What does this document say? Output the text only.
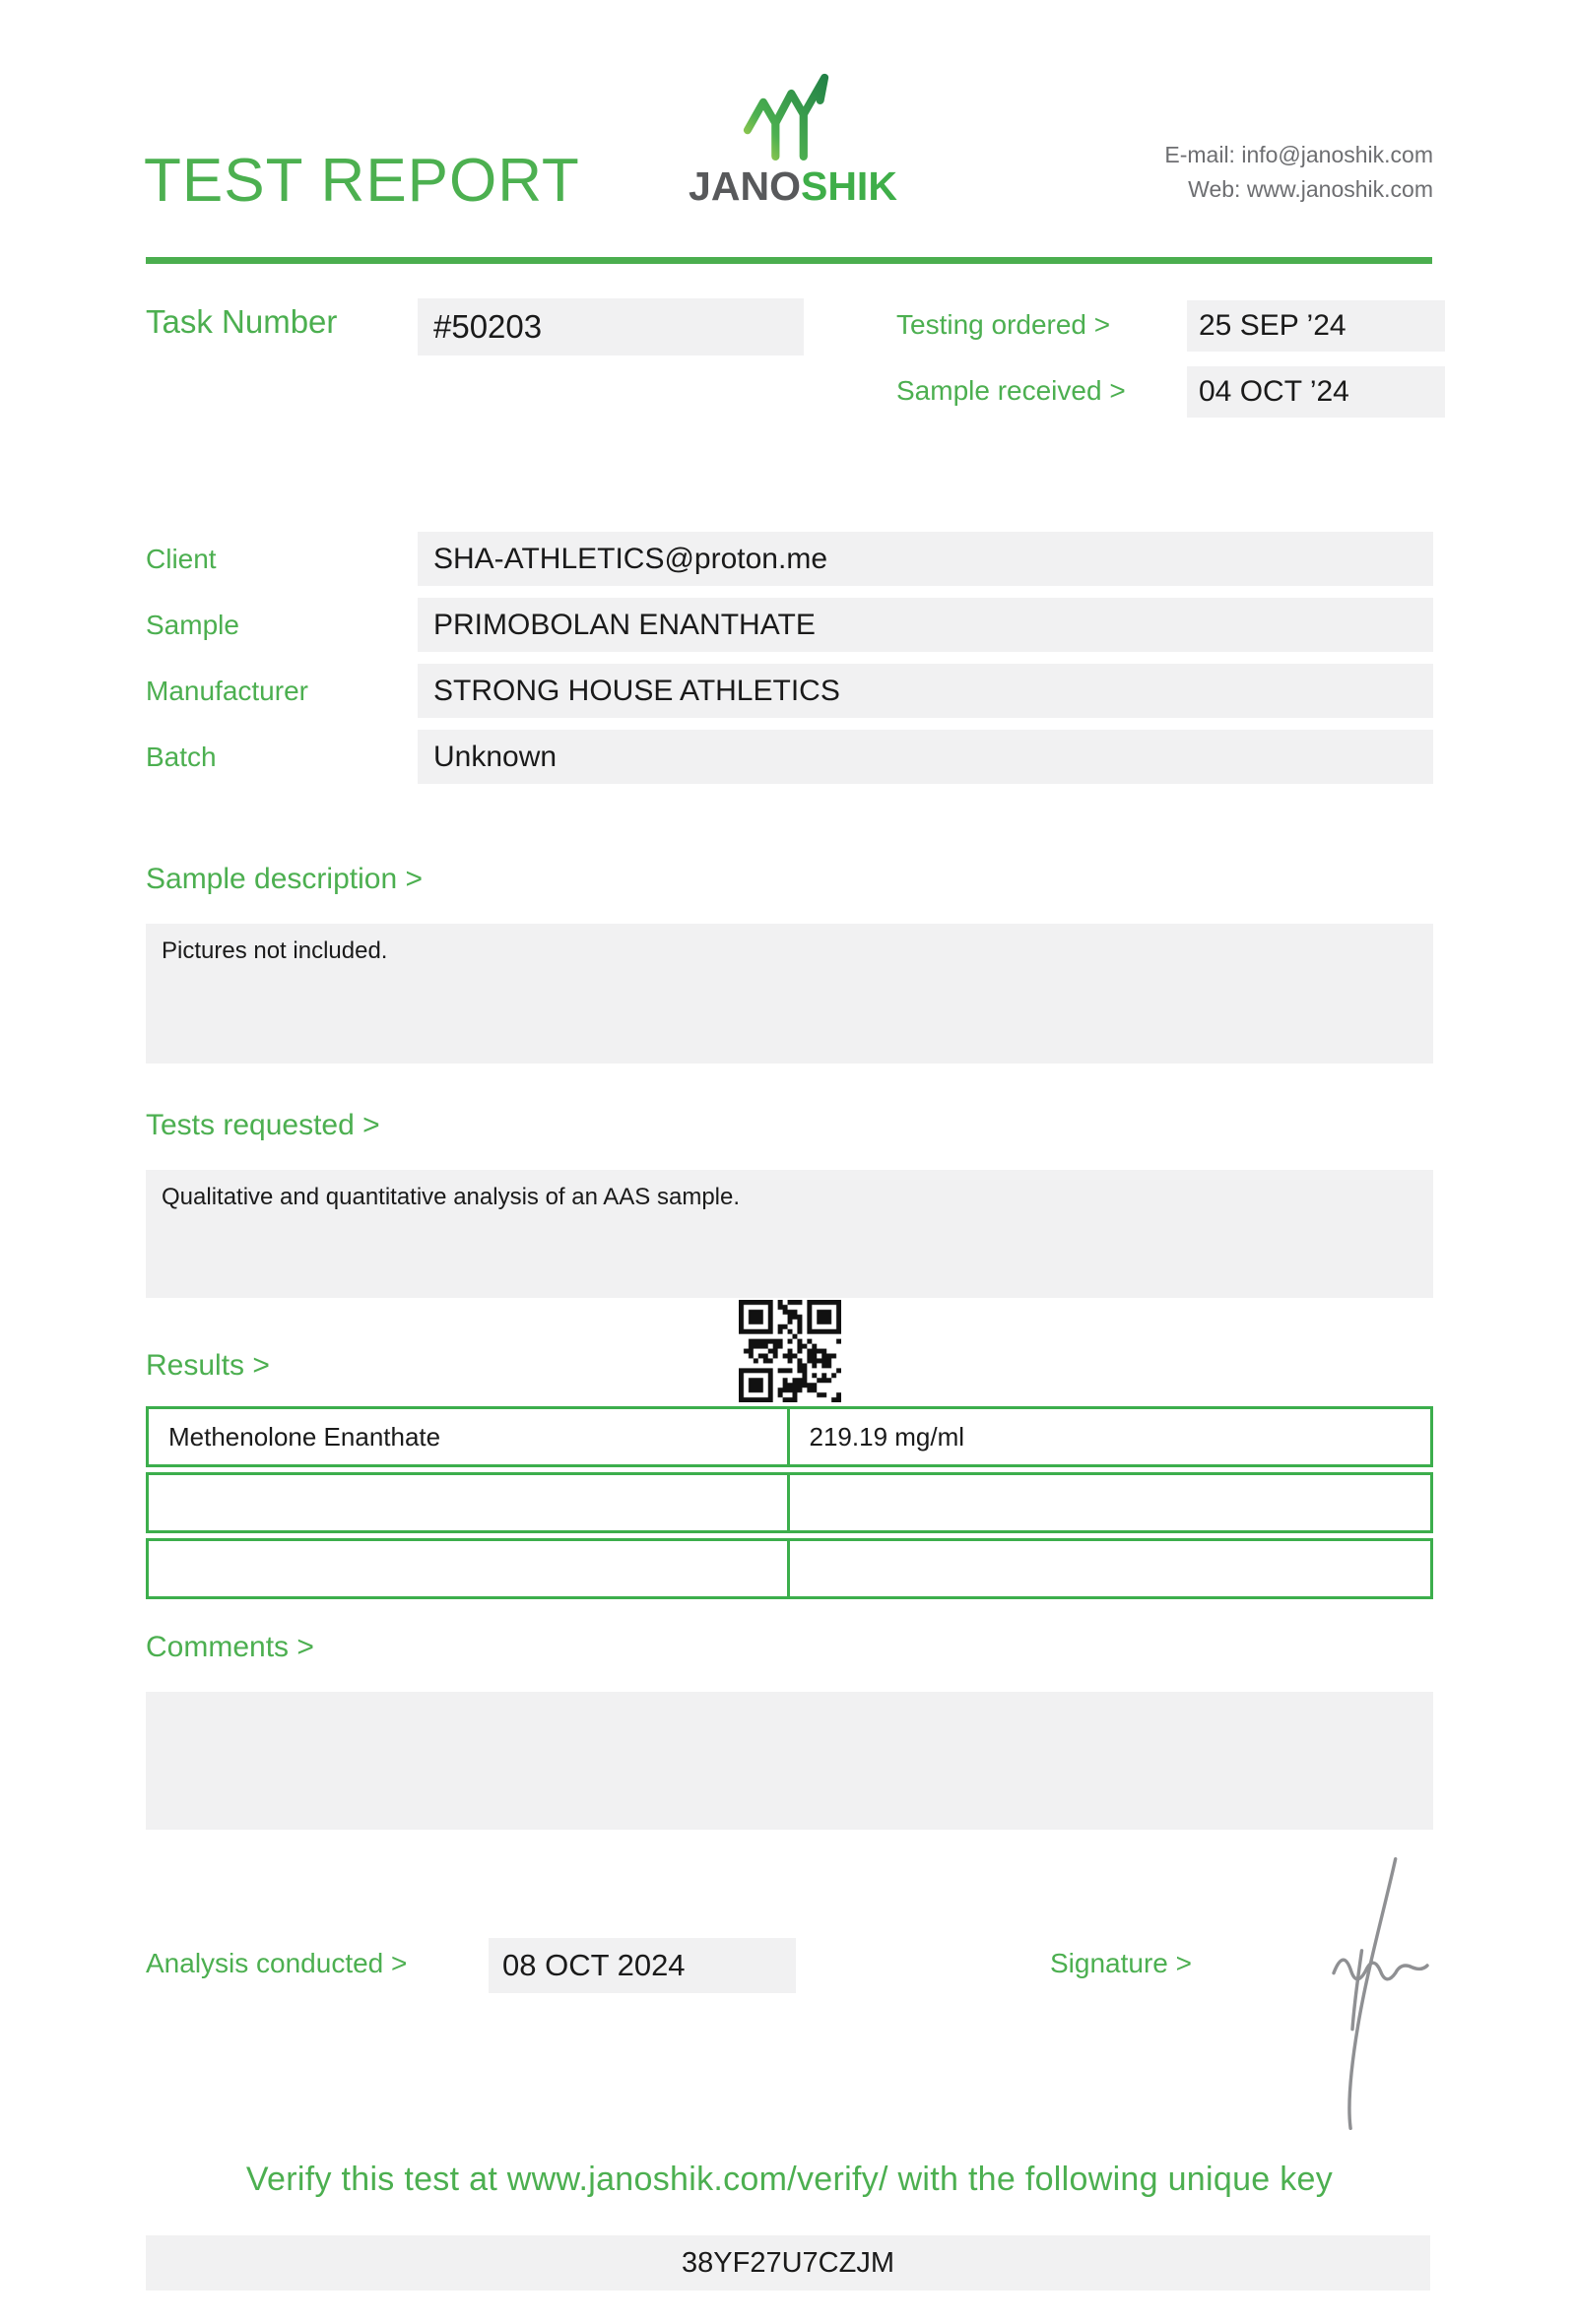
TEST REPORT	JANOSHIK
E-mail: info@janoshik.com
Web: www.janoshik.com
Task Number	#50203	Testing ordered >	25 SEP ’24
Sample received >	04 OCT ’24
Client	SHA-ATHLETICS@proton.me
Sample	PRIMOBOLAN ENANTHATE
Manufacturer	STRONG HOUSE ATHLETICS
Batch	Unknown
Sample description >
Pictures not included.
Tests requested >
Qualitative and quantitative analysis of an AAS sample.
Results >
Methenolone Enanthate	219.19 mg/ml
Comments >
Analysis conducted >	08 OCT 2024	Signature >
Verify this test at www.janoshik.com/verify/ with the following unique key
38YF27U7CZJM
